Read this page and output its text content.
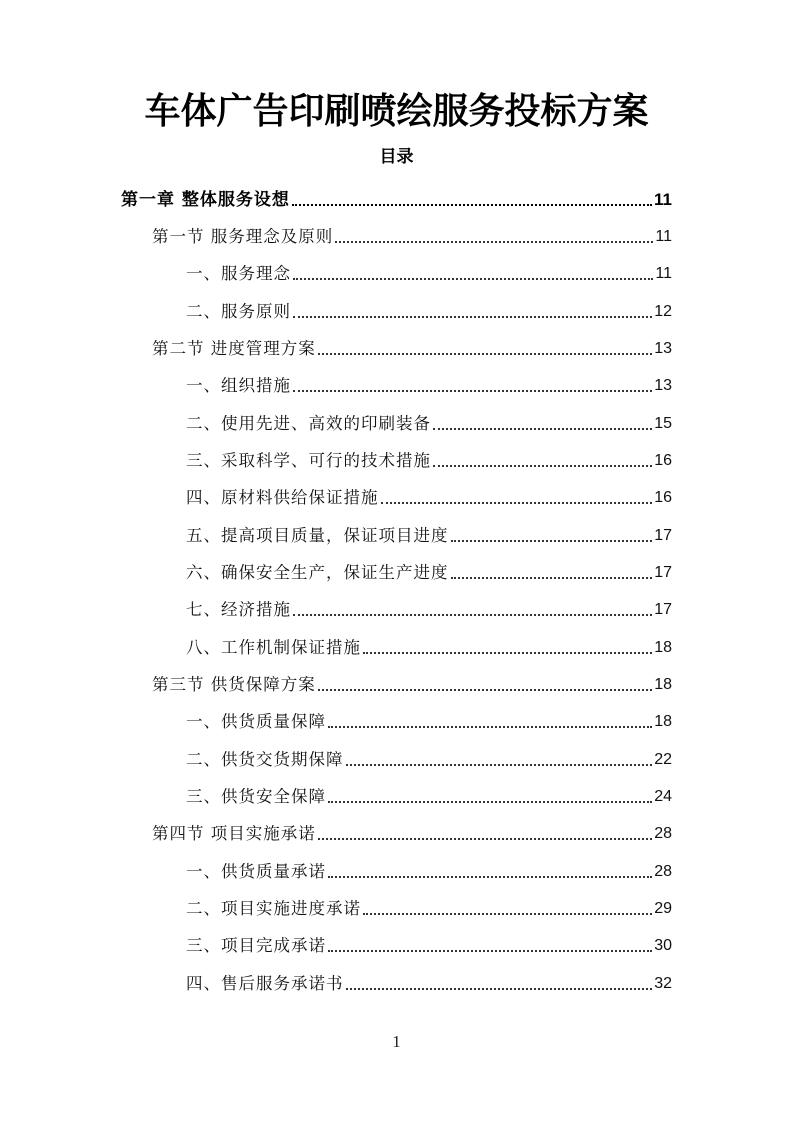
车体广告印刷喷绘服务投标方案
目录
第一章 整体服务设想	11
第一节 服务理念及原则	11
一、服务理念	11
二、服务原则	12
第二节 进度管理方案	13
一、组织措施	13
二、使用先进、高效的印刷装备	15
三、采取科学、可行的技术措施	16
四、原材料供给保证措施	16
五、提高项目质量，保证项目进度	17
六、确保安全生产，保证生产进度	17
七、经济措施	17
八、工作机制保证措施	18
第三节 供货保障方案	18
一、供货质量保障	18
二、供货交货期保障	22
三、供货安全保障	24
第四节 项目实施承诺	28
一、供货质量承诺	28
二、项目实施进度承诺	29
三、项目完成承诺	30
四、售后服务承诺书	32
1
